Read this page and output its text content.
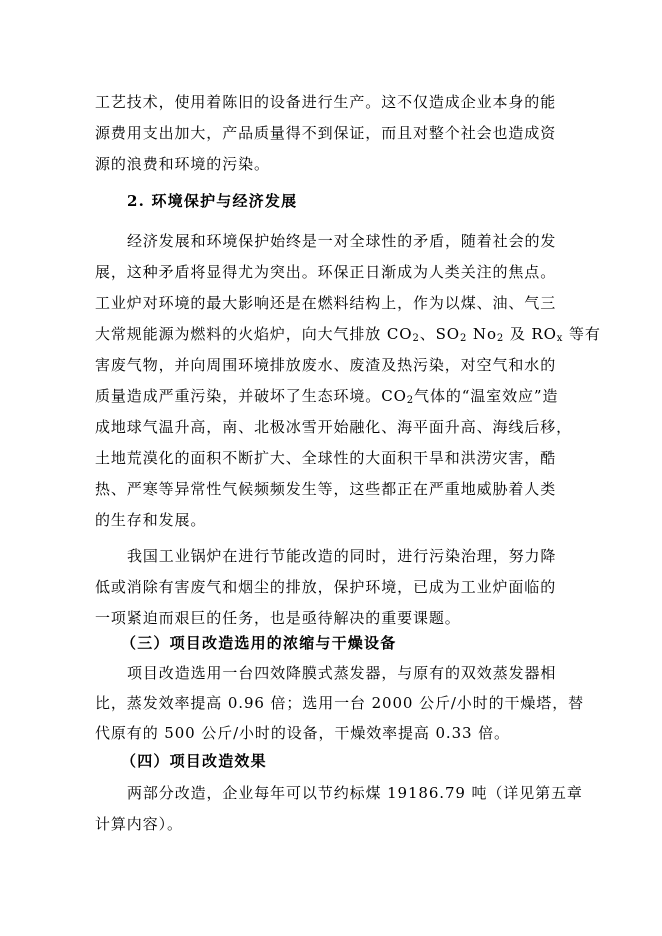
工艺技术，使用着陈旧的设备进行生产。这不仅造成企业本身的能
源费用支出加大，产品质量得不到保证，而且对整个社会也造成资
源的浪费和环境的污染。
2. 环境保护与经济发展
经济发展和环境保护始终是一对全球性的矛盾，随着社会的发
展，这种矛盾将显得尤为突出。环保正日渐成为人类关注的焦点。
工业炉对环境的最大影响还是在燃料结构上，作为以煤、油、气三
大常规能源为燃料的火焰炉，向大气排放 $CO_2$、$SO_2$ $No_2$ 及 $RO_x$ 等有
害废气物，并向周围环境排放废水、废渣及热污染，对空气和水的
质量造成严重污染，并破坏了生态环境。$CO_2$气体的“温室效应”造
成地球气温升高，南、北极冰雪开始融化、海平面升高、海线后移，
土地荒漠化的面积不断扩大、全球性的大面积干旱和洪涝灾害，酷
热、严寒等异常性气候频频发生等，这些都正在严重地威胁着人类
的生存和发展。
我国工业锅炉在进行节能改造的同时，进行污染治理，努力降
低或消除有害废气和烟尘的排放，保护环境，已成为工业炉面临的
一项紧迫而艰巨的任务，也是亟待解决的重要课题。
（三）项目改造选用的浓缩与干燥设备
项目改造选用一台四效降膜式蒸发器，与原有的双效蒸发器相
比，蒸发效率提高 0.96 倍；选用一台 2000 公斤/小时的干燥塔，替
代原有的 500 公斤/小时的设备，干燥效率提高 0.33 倍。
（四）项目改造效果
两部分改造，企业每年可以节约标煤 19186.79 吨（详见第五章
计算内容）。
